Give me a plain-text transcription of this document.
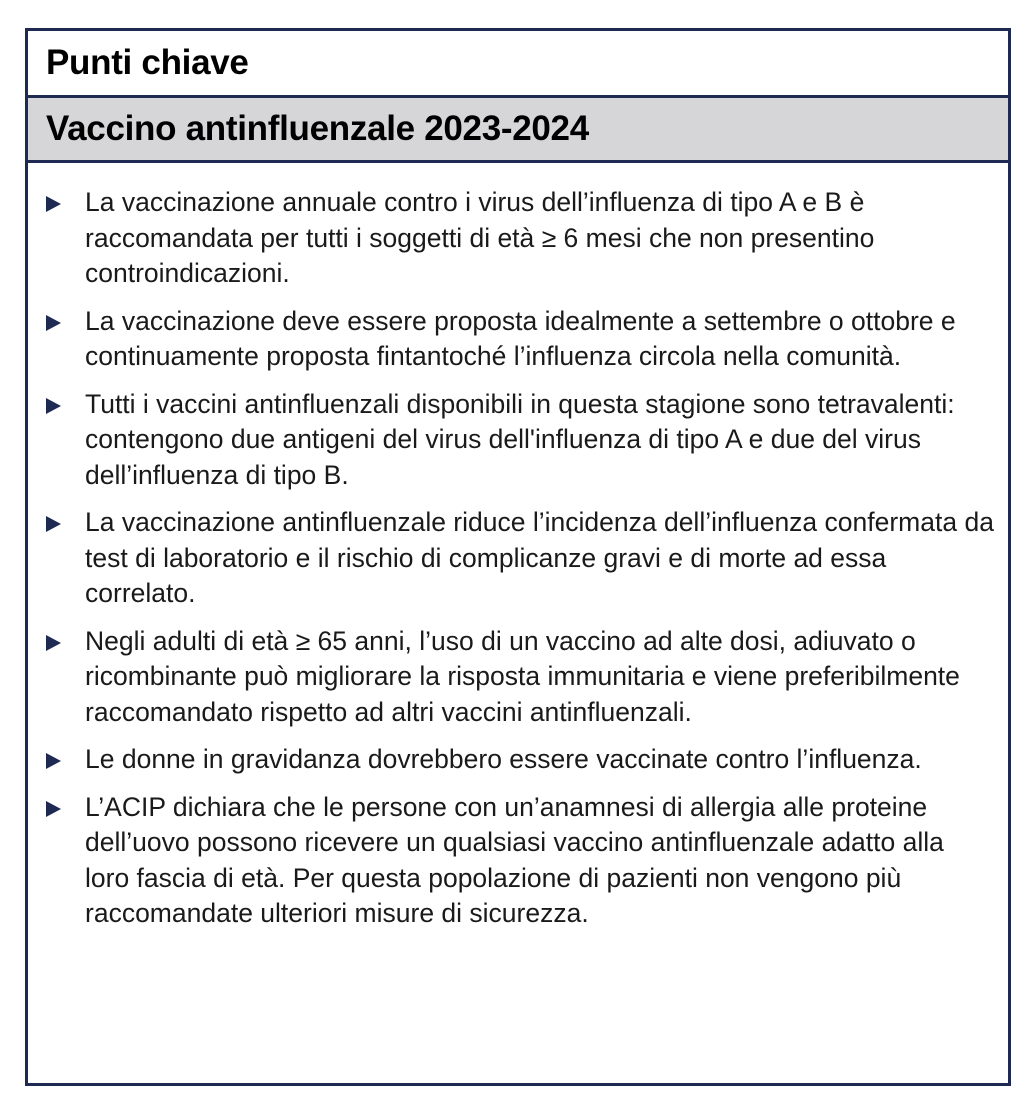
Punti chiave
Vaccino antinfluenzale 2023-2024
La vaccinazione annuale contro i virus dell’influenza di tipo A e B è raccomandata per tutti i soggetti di età ≥ 6 mesi che non presentino controindicazioni.
La vaccinazione deve essere proposta idealmente a settembre o ottobre e continuamente proposta fintantoché l’influenza circola nella comunità.
Tutti i vaccini antinfluenzali disponibili in questa stagione sono tetravalenti: contengono due antigeni del virus dell'influenza di tipo A e due del virus dell’influenza di tipo B.
La vaccinazione antinfluenzale riduce l’incidenza dell’influenza confermata da test di laboratorio e il rischio di complicanze gravi e di morte ad essa correlato.
Negli adulti di età ≥ 65 anni, l’uso di un vaccino ad alte dosi, adiuvato o ricombinante può migliorare la risposta immunitaria e viene preferibilmente raccomandato rispetto ad altri vaccini antinfluenzali.
Le donne in gravidanza dovrebbero essere vaccinate contro l’influenza.
L’ACIP dichiara che le persone con un’anamnesi di allergia alle proteine dell’uovo possono ricevere un qualsiasi vaccino antinfluenzale adatto alla loro fascia di età. Per questa popolazione di pazienti non vengono più raccomandate ulteriori misure di sicurezza.
